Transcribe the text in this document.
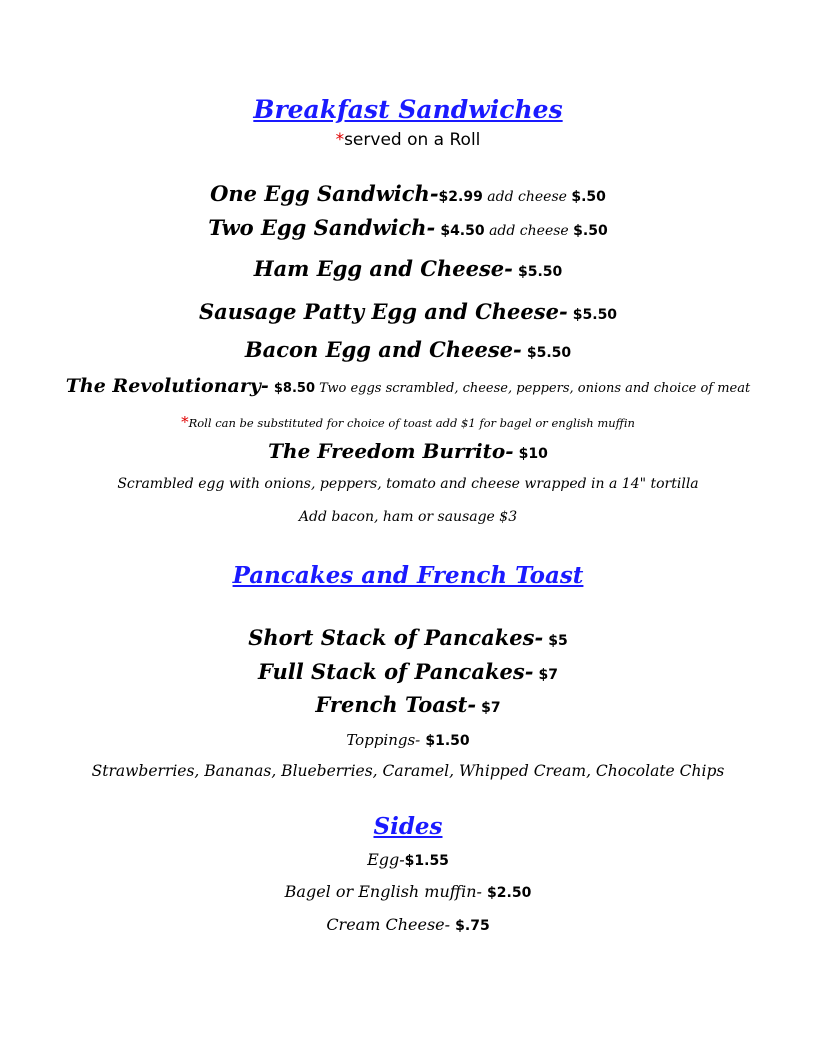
Breakfast Sandwiches
*served on a Roll
One Egg Sandwich-$2.99 add cheese $.50
Two Egg Sandwich- $4.50 add cheese $.50
Ham Egg and Cheese- $5.50
Sausage Patty Egg and Cheese- $5.50
Bacon Egg and Cheese- $5.50
The Revolutionary- $8.50 Two eggs scrambled, cheese, peppers, onions and choice of meat
*Roll can be substituted for choice of toast add $1 for bagel or english muffin
The Freedom Burrito- $10
Scrambled egg with onions, peppers, tomato and cheese wrapped in a 14" tortilla
Add bacon, ham or sausage $3
Pancakes and French Toast
Short Stack of Pancakes- $5
Full Stack of Pancakes- $7
French Toast- $7
Toppings- $1.50
Strawberries, Bananas, Blueberries, Caramel, Whipped Cream, Chocolate Chips
Sides
Egg-$1.55
Bagel or English muffin- $2.50
Cream Cheese- $.75
